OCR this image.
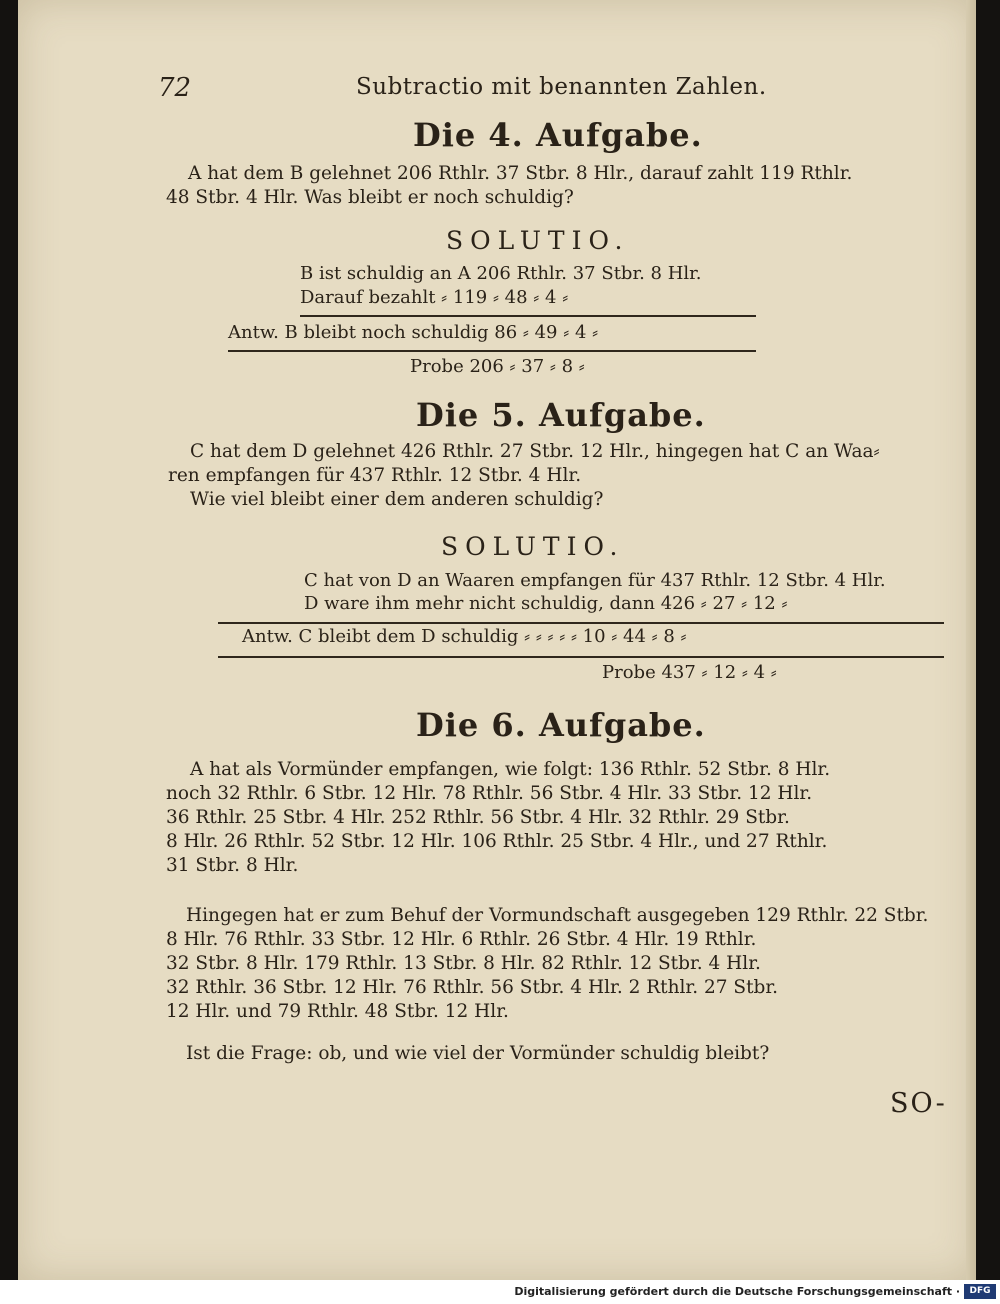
72	Subtractio mit benannten Zahlen.
Die 4. Aufgabe.
A hat dem B gelehnet 206 Rthlr. 37 Stbr. 8 Hlr., darauf zahlt 119 Rthlr.
48 Stbr. 4 Hlr. Was bleibt er noch schuldig?
SOLUTIO.
B ist schuldig an A 206 Rthlr. 37 Stbr. 8 Hlr.
Darauf bezahlt ⸗ 119 ⸗ 48 ⸗ 4 ⸗
Antw. B bleibt noch schuldig 86 ⸗ 49 ⸗ 4 ⸗
Probe 206 ⸗ 37 ⸗ 8 ⸗
Die 5. Aufgabe.
C hat dem D gelehnet 426 Rthlr. 27 Stbr. 12 Hlr., hingegen hat C an Waa⸗
ren empfangen für 437 Rthlr. 12 Stbr. 4 Hlr.
Wie viel bleibt einer dem anderen schuldig?
SOLUTIO.
C hat von D an Waaren empfangen für 437 Rthlr. 12 Stbr. 4 Hlr.
D ware ihm mehr nicht schuldig, dann 426 ⸗ 27 ⸗ 12 ⸗
Antw. C bleibt dem D schuldig ⸗ ⸗ ⸗ ⸗ ⸗ 10 ⸗ 44 ⸗ 8 ⸗
Probe 437 ⸗ 12 ⸗ 4 ⸗
Die 6. Aufgabe.
A hat als Vormünder empfangen, wie folgt: 136 Rthlr. 52 Stbr. 8 Hlr.
noch 32 Rthlr. 6 Stbr. 12 Hlr. 78 Rthlr. 56 Stbr. 4 Hlr. 33 Stbr. 12 Hlr.
36 Rthlr. 25 Stbr. 4 Hlr. 252 Rthlr. 56 Stbr. 4 Hlr. 32 Rthlr. 29 Stbr.
8 Hlr. 26 Rthlr. 52 Stbr. 12 Hlr. 106 Rthlr. 25 Stbr. 4 Hlr., und 27 Rthlr.
31 Stbr. 8 Hlr.
Hingegen hat er zum Behuf der Vormundschaft ausgegeben 129 Rthlr. 22 Stbr.
8 Hlr. 76 Rthlr. 33 Stbr. 12 Hlr. 6 Rthlr. 26 Stbr. 4 Hlr. 19 Rthlr.
32 Stbr. 8 Hlr. 179 Rthlr. 13 Stbr. 8 Hlr. 82 Rthlr. 12 Stbr. 4 Hlr.
32 Rthlr. 36 Stbr. 12 Hlr. 76 Rthlr. 56 Stbr. 4 Hlr. 2 Rthlr. 27 Stbr.
12 Hlr. und 79 Rthlr. 48 Stbr. 12 Hlr.
Ist die Frage: ob, und wie viel der Vormünder schuldig bleibt?
SO-
Digitalisierung gefördert durch die Deutsche Forschungsgemeinschaft ·	DFG
